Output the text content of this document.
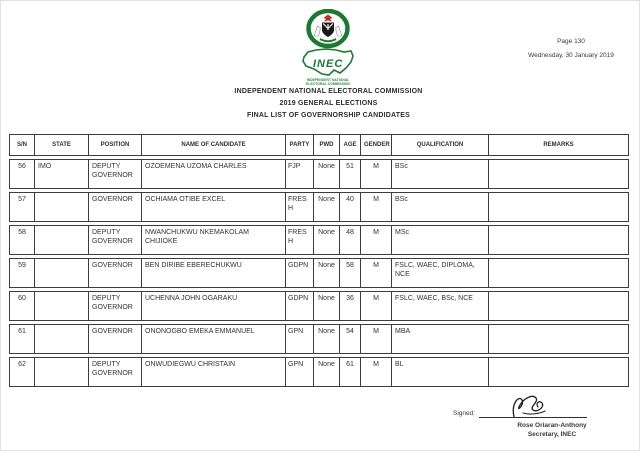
Page 130

Wednesday, 30 January 2019

INEC
INDEPENDENT NATIONAL
ELECTORAL COMMISSION
INDEPENDENT NATIONAL ELECTORAL COMMISSION
2019 GENERAL ELECTIONS
FINAL LIST OF GOVERNORSHIP CANDIDATES
S/N	STATE	POSITION	NAME OF CANDIDATE	PARTY	PWD	AGE	GENDER	QUALIFICATION	REMARKS
56	IMO	DEPUTY GOVERNOR	OZOEMENA UZOMA CHARLES	FJP	None	51	M	BSc	
57		GOVERNOR	OCHIAMA OTIBE EXCEL	FRESH	None	40	M	BSc	
58		DEPUTY GOVERNOR	NWANCHUKWU NKEMAKOLAM CHIJIOKE	FRESH	None	48	M	MSc	
59		GOVERNOR	BEN DIRIBE EBERECHUKWU	GDPN	None	58	M	FSLC, WAEC, DIPLOMA, NCE	
60		DEPUTY GOVERNOR	UCHENNA JOHN OGARAKU	GDPN	None	36	M	FSLC, WAEC, BSc, NCE	
61		GOVERNOR	ONONOGBO EMEKA EMMANUEL	GPN	None	54	M	MBA	
62		DEPUTY GOVERNOR	ONWUDIEGWU CHRISTAIN	GPN	None	61	M	BL	
Signed:
Rose Oriaran-Anthony
Secretary, INEC
